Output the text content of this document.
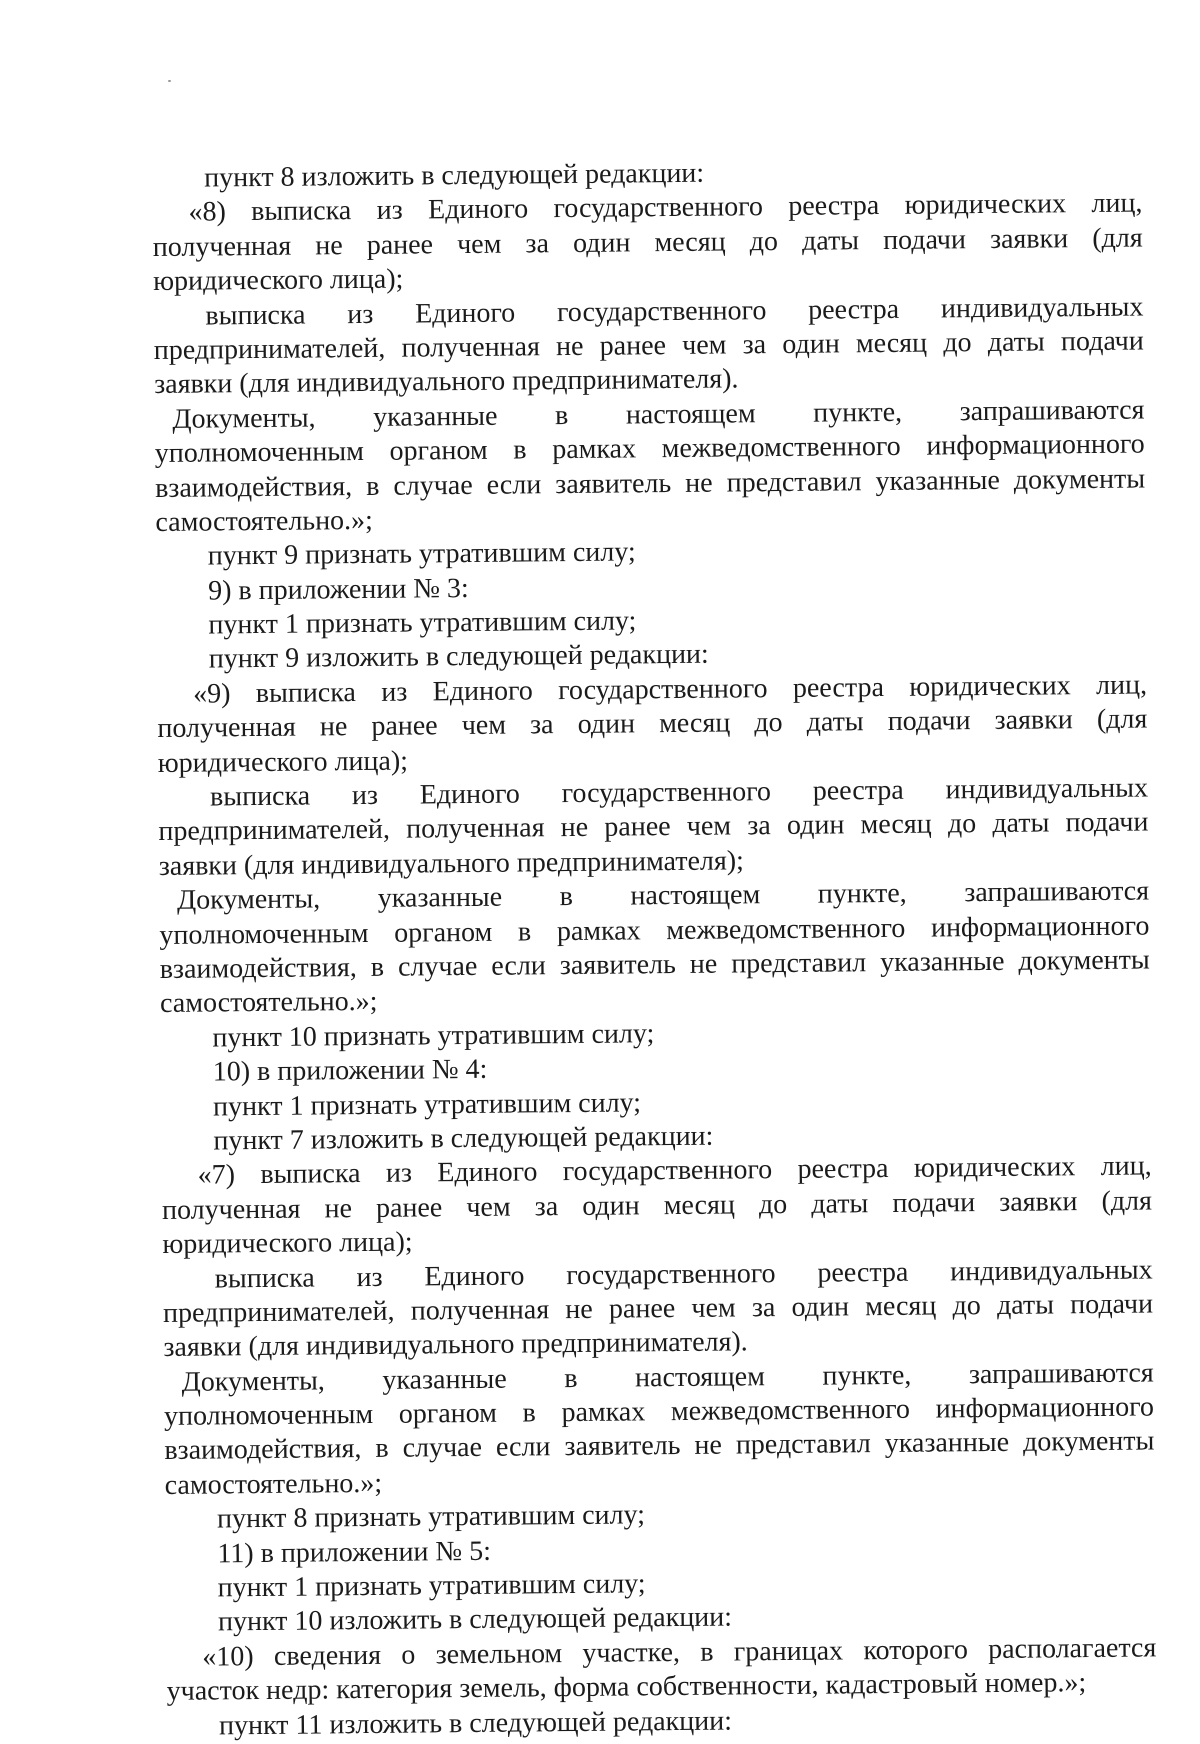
пункт 8 изложить в следующей редакции:
«8) выписка из Единого государственного реестра юридических лиц,
полученная не ранее чем за один месяц до даты подачи заявки (для
юридического лица);
выписка из Единого государственного реестра индивидуальных
предпринимателей, полученная не ранее чем за один месяц до даты подачи
заявки (для индивидуального предпринимателя).
Документы, указанные в настоящем пункте, запрашиваются
уполномоченным органом в рамках межведомственного информационного
взаимодействия, в случае если заявитель не представил указанные документы
самостоятельно.»;
пункт 9 признать утратившим силу;
9) в приложении № 3:
пункт 1 признать утратившим силу;
пункт 9 изложить в следующей редакции:
«9) выписка из Единого государственного реестра юридических лиц,
полученная не ранее чем за один месяц до даты подачи заявки (для
юридического лица);
выписка из Единого государственного реестра индивидуальных
предпринимателей, полученная не ранее чем за один месяц до даты подачи
заявки (для индивидуального предпринимателя);
Документы, указанные в настоящем пункте, запрашиваются
уполномоченным органом в рамках межведомственного информационного
взаимодействия, в случае если заявитель не представил указанные документы
самостоятельно.»;
пункт 10 признать утратившим силу;
10) в приложении № 4:
пункт 1 признать утратившим силу;
пункт 7 изложить в следующей редакции:
«7) выписка из Единого государственного реестра юридических лиц,
полученная не ранее чем за один месяц до даты подачи заявки (для
юридического лица);
выписка из Единого государственного реестра индивидуальных
предпринимателей, полученная не ранее чем за один месяц до даты подачи
заявки (для индивидуального предпринимателя).
Документы, указанные в настоящем пункте, запрашиваются
уполномоченным органом в рамках межведомственного информационного
взаимодействия, в случае если заявитель не представил указанные документы
самостоятельно.»;
пункт 8 признать утратившим силу;
11) в приложении № 5:
пункт 1 признать утратившим силу;
пункт 10 изложить в следующей редакции:
«10) сведения о земельном участке, в границах которого располагается
участок недр: категория земель, форма собственности, кадастровый номер.»;
пункт 11 изложить в следующей редакции:
